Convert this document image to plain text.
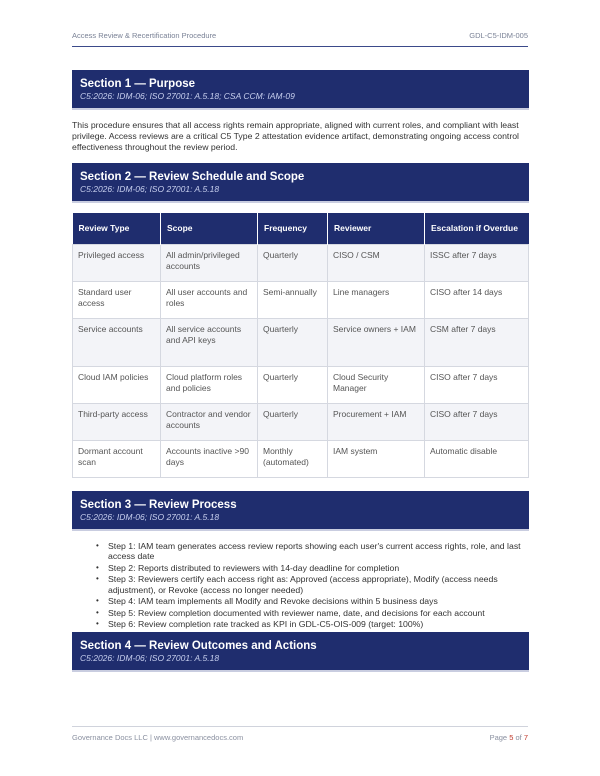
Access Review & Recertification Procedure	GDL-C5-IDM-005
Section 1 — Purpose
C5:2026: IDM-06; ISO 27001: A.5.18; CSA CCM: IAM-09

This procedure ensures that all access rights remain appropriate, aligned with current roles, and compliant with least privilege. Access reviews are a critical C5 Type 2 attestation evidence artifact, demonstrating ongoing access control effectiveness throughout the review period.

Section 2 — Review Schedule and Scope
C5:2026: IDM-06; ISO 27001: A.5.18
Review Type	Scope	Frequency	Reviewer	Escalation if Overdue
Privileged access	All admin/privileged accounts	Quarterly	CISO / CSM	ISSC after 7 days
Standard user access	All user accounts and roles	Semi-annually	Line managers	CISO after 14 days
Service accounts	All service accounts and API keys	Quarterly	Service owners + IAM	CSM after 7 days
Cloud IAM policies	Cloud platform roles and policies	Quarterly	Cloud Security Manager	CISO after 7 days
Third-party access	Contractor and vendor accounts	Quarterly	Procurement + IAM	CISO after 7 days
Dormant account scan	Accounts inactive >90 days	Monthly (automated)	IAM system	Automatic disable
Section 3 — Review Process
C5:2026: IDM-06; ISO 27001: A.5.18
• Step 1: IAM team generates access review reports showing each user's current access rights, role, and last access date
• Step 2: Reports distributed to reviewers with 14-day deadline for completion
• Step 3: Reviewers certify each access right as: Approved (access appropriate), Modify (access needs adjustment), or Revoke (access no longer needed)
• Step 4: IAM team implements all Modify and Revoke decisions within 5 business days
• Step 5: Review completion documented with reviewer name, date, and decisions for each account
• Step 6: Review completion rate tracked as KPI in GDL-C5-OIS-009 (target: 100%)
Section 4 — Review Outcomes and Actions
C5:2026: IDM-06; ISO 27001: A.5.18
Governance Docs LLC | www.governancedocs.com	Page 5 of 7
